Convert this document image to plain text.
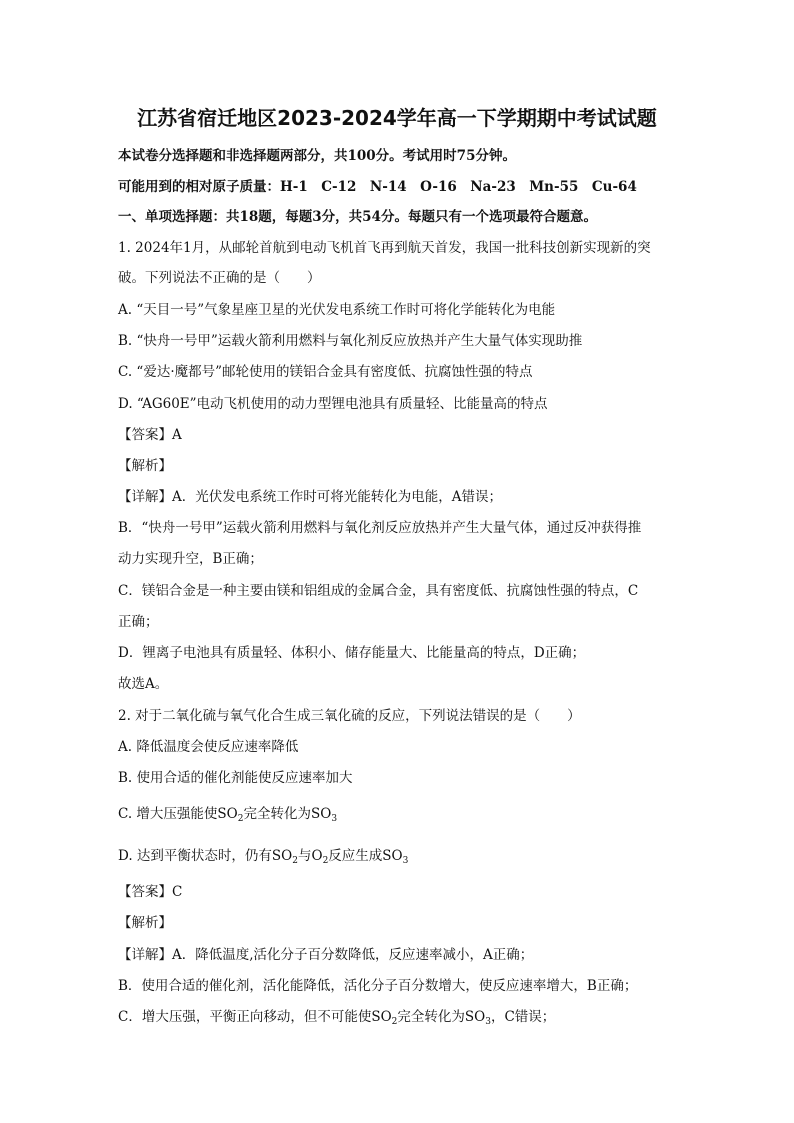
江苏省宿迁地区2023-2024学年高一下学期期中考试试题
本试卷分选择题和非选择题两部分，共100分。考试用时75分钟。
可能用到的相对原子质量：H-1　C-12　N-14　O-16　Na-23　Mn-55　Cu-64
一、单项选择题：共18题，每题3分，共54分。每题只有一个选项最符合题意。
1. 2024年1月，从邮轮首航到电动飞机首飞再到航天首发，我国一批科技创新实现新的突
破。下列说法不正确的是（　　）
A. “天目一号”气象星座卫星的光伏发电系统工作时可将化学能转化为电能
B. “快舟一号甲”运载火箭利用燃料与氧化剂反应放热并产生大量气体实现助推
C. “爱达·魔都号”邮轮使用的镁铝合金具有密度低、抗腐蚀性强的特点
D. “AG60E”电动飞机使用的动力型锂电池具有质量轻、比能量高的特点
【答案】A
【解析】
【详解】A．光伏发电系统工作时可将光能转化为电能，A错误；
B．“快舟一号甲”运载火箭利用燃料与氧化剂反应放热并产生大量气体，通过反冲获得推
动力实现升空，B正确；
C．镁铝合金是一种主要由镁和铝组成的金属合金，具有密度低、抗腐蚀性强的特点，C
正确；
D．锂离子电池具有质量轻、体积小、储存能量大、比能量高的特点，D正确；
故选A。
2. 对于二氧化硫与氧气化合生成三氧化硫的反应，下列说法错误的是（　　）
A. 降低温度会使反应速率降低
B. 使用合适的催化剂能使反应速率加大
C. 增大压强能使$SO_2$完全转化为$SO_3$
D. 达到平衡状态时，仍有$SO_2$与$O_2$反应生成$SO_3$
【答案】C
【解析】
【详解】A．降低温度,活化分子百分数降低，反应速率减小，A正确；
B．使用合适的催化剂，活化能降低，活化分子百分数增大，使反应速率增大，B正确；
C．增大压强，平衡正向移动，但不可能使$SO_2$完全转化为$SO_3$，C错误；
